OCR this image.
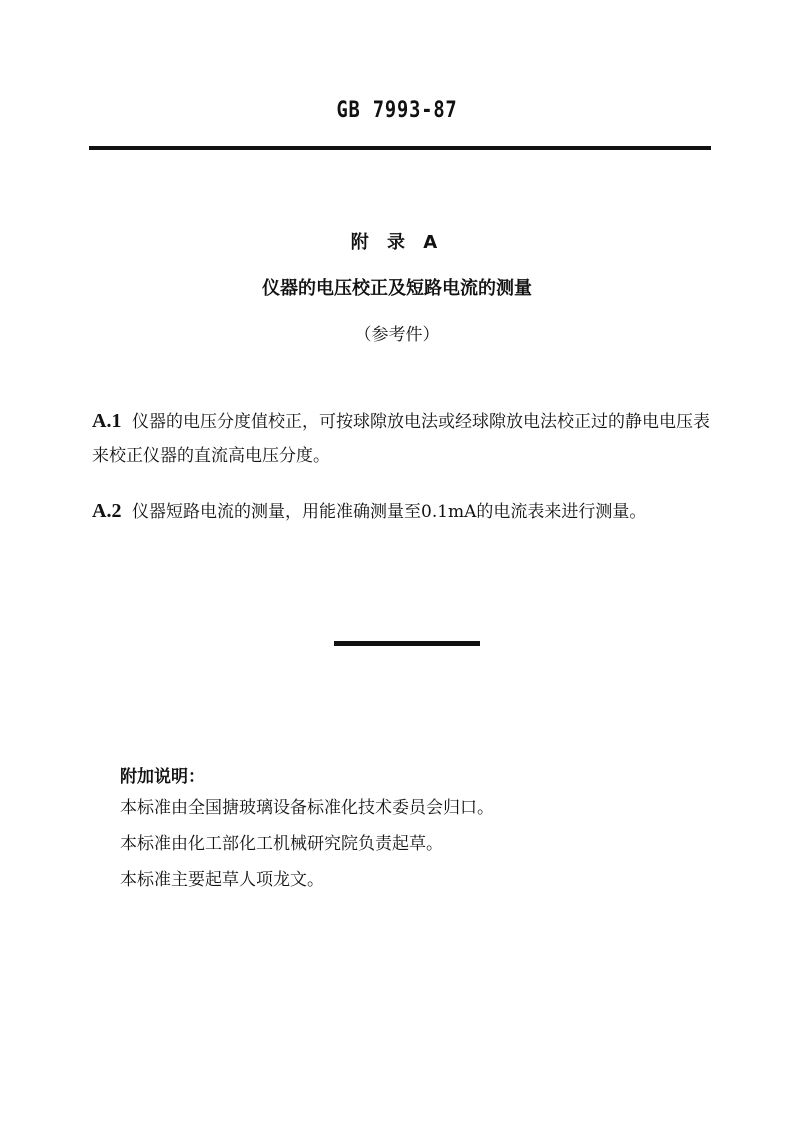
GB 7993-87
附 录 A
仪器的电压校正及短路电流的测量
（参考件）
A.1 仪器的电压分度值校正，可按球隙放电法或经球隙放电法校正过的静电电压表来校正仪器的直流高电压分度。
A.2 仪器短路电流的测量，用能准确测量至0.1mA的电流表来进行测量。
附加说明：
本标准由全国搪玻璃设备标准化技术委员会归口。
本标准由化工部化工机械研究院负责起草。
本标准主要起草人项龙文。
